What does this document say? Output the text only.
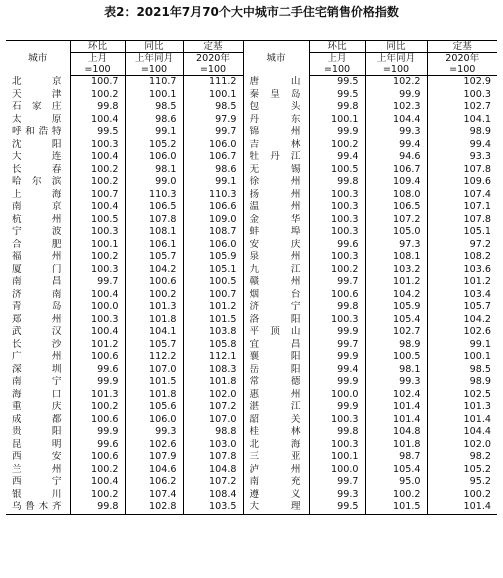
表2：2021年7月70个大中城市二手住宅销售价格指数
城市	环比	同比	定基	城市	环比	同比	定基
	上月	上年同月	2020年		上月	上年同月	2020年
	=100	=100	=100		=100	=100	=100
北　京	100.7	110.7	111.2	唐　山	99.5	102.2	102.9
天　津	100.2	100.1	100.1	秦皇岛	99.5	99.9	100.3
石家庄	99.8	98.5	98.5	包　头	99.8	102.3	102.7
太　原	100.4	98.6	97.9	丹　东	100.1	104.4	104.1
呼和浩特	99.5	99.1	99.7	锦　州	99.9	99.3	98.9
沈　阳	100.3	105.2	106.0	吉　林	100.2	99.4	99.4
大　连	100.4	106.0	106.7	牡丹江	99.4	94.6	93.3
长　春	100.2	98.1	98.6	无　锡	100.5	106.7	107.8
哈尔滨	100.2	99.0	99.1	徐　州	99.8	109.4	109.6
上　海	100.7	110.3	110.3	扬　州	100.3	108.0	107.4
南　京	100.4	106.5	106.6	温　州	100.3	106.5	107.1
杭　州	100.5	107.8	109.0	金　华	100.3	107.2	107.8
宁　波	100.3	108.1	108.7	蚌　埠	100.3	105.0	105.1
合　肥	100.1	106.1	106.0	安　庆	99.6	97.3	97.2
福　州	100.2	105.7	105.9	泉　州	100.3	108.1	108.2
厦　门	100.3	104.2	105.1	九　江	100.2	103.2	103.6
南　昌	99.7	100.6	100.5	赣　州	99.7	101.2	101.2
济　南	100.4	100.2	100.7	烟　台	100.6	104.2	103.4
青　岛	100.0	101.3	101.2	济　宁	99.8	105.9	105.7
郑　州	100.3	101.8	101.5	洛　阳	100.3	105.4	104.2
武　汉	100.4	104.1	103.8	平顶山	99.9	102.7	102.6
长　沙	101.2	105.7	105.8	宜　昌	99.7	98.9	99.1
广　州	100.6	112.2	112.1	襄　阳	99.9	100.5	100.1
深　圳	99.6	107.0	108.3	岳　阳	99.4	98.1	98.5
南　宁	99.9	101.5	101.8	常　德	99.9	99.3	98.9
海　口	101.3	101.8	102.0	惠　州	100.0	102.4	102.5
重　庆	100.2	105.6	107.2	湛　江	99.9	101.4	101.3
成　都	100.6	106.0	107.0	韶　关	100.3	101.4	101.4
贵　阳	99.9	99.3	98.8	桂　林	99.8	104.8	104.4
昆　明	99.6	102.6	103.0	北　海	100.3	101.8	102.0
西　安	100.6	107.9	107.8	三　亚	100.1	98.7	98.2
兰　州	100.2	104.6	104.8	泸　州	100.0	105.4	105.2
西　宁	100.4	106.2	107.2	南　充	99.7	95.0	95.2
银　川	100.2	107.4	108.4	遵　义	99.3	100.2	100.2
乌鲁木齐	99.8	102.8	103.5	大　理	99.5	101.5	101.4
